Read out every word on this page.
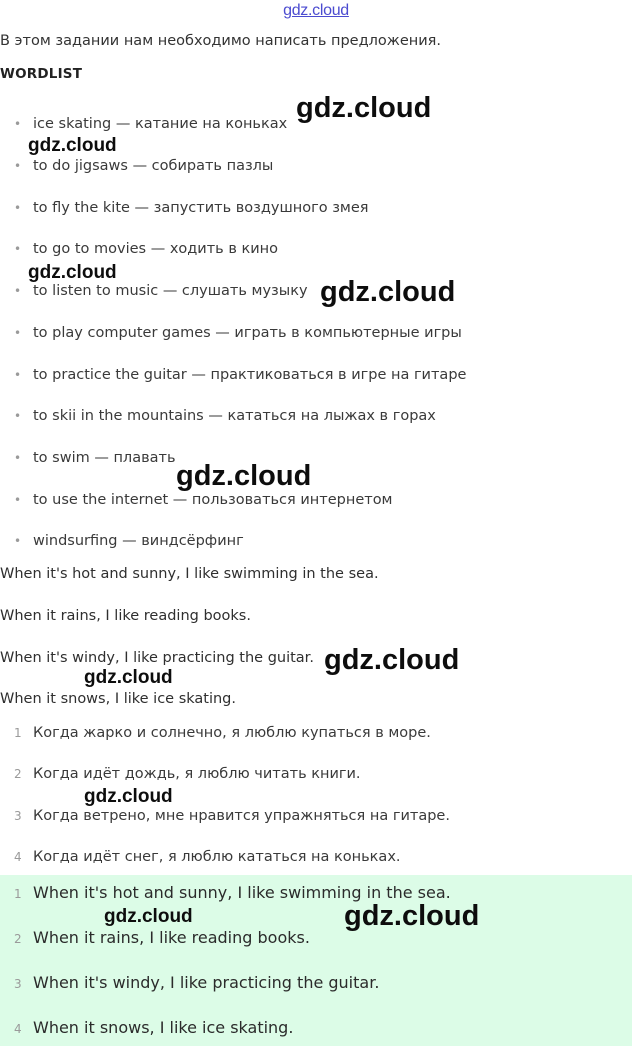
gdz.cloud
В этом задании нам необходимо написать предложения.
WORDLIST
• ice skating — катание на коньках
• to do jigsaws — собирать пазлы
• to fly the kite — запустить воздушного змея
• to go to movies — ходить в кино
• to listen to music — слушать музыку
• to play computer games — играть в компьютерные игры
• to practice the guitar — практиковаться в игре на гитаре
• to skii in the mountains — кататься на лыжах в горах
• to swim — плавать
• to use the internet — пользоваться интернетом
• windsurfing — виндсёрфинг
When it's hot and sunny, I like swimming in the sea.
When it rains, I like reading books.
When it's windy, I like practicing the guitar.
When it snows, I like ice skating.
1 Когда жарко и солнечно, я люблю купаться в море.
2 Когда идёт дождь, я люблю читать книги.
3 Когда ветрено, мне нравится упражняться на гитаре.
4 Когда идёт снег, я люблю кататься на коньках.
1 When it's hot and sunny, I like swimming in the sea.
2 When it rains, I like reading books.
3 When it's windy, I like practicing the guitar.
4 When it snows, I like ice skating.
gdz.cloud
gdz.cloud
gdz.cloud
gdz.cloud
gdz.cloud
gdz.cloud
gdz.cloud
gdz.cloud
gdz.cloud	gdz.cloud
